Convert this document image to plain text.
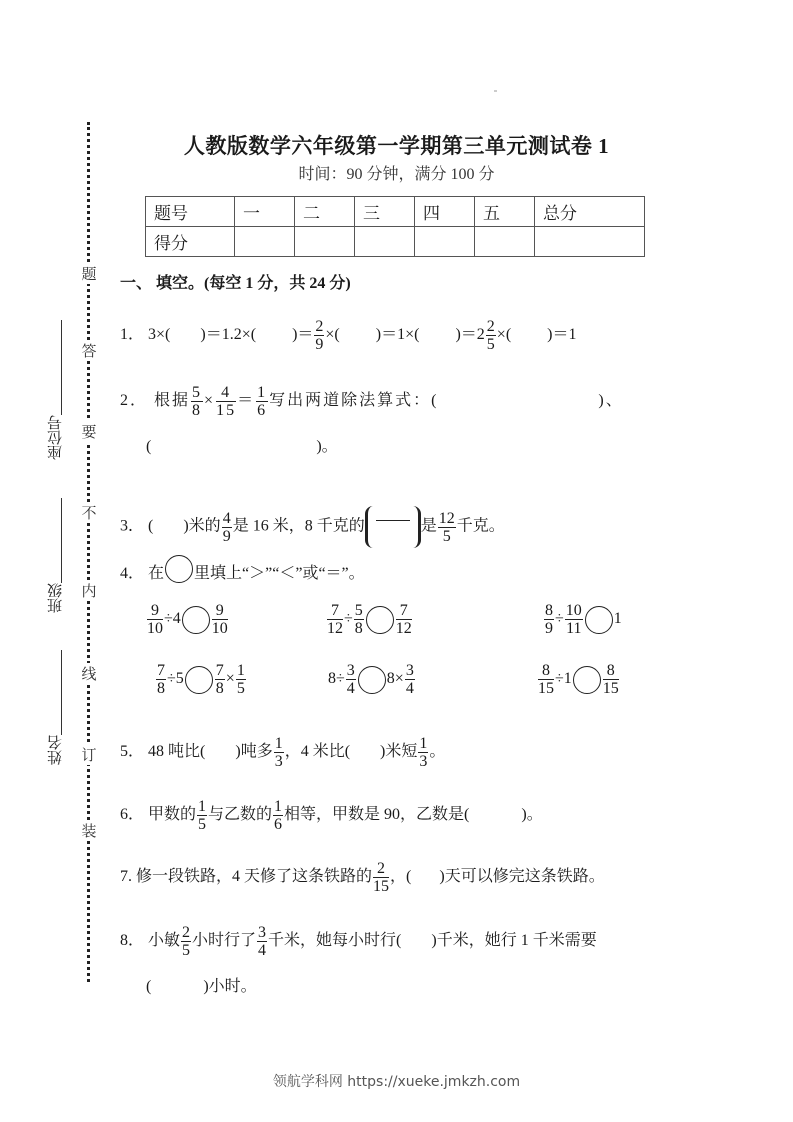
人教版数学六年级第一学期第三单元测试卷 1
时间：90 分钟，满分 100 分
题号	一	二	三	四	五	总分
得分						
题
答
要
不
内
线
订
装
座位号
班级
姓名
一、 填空。(每空 1 分，共 24 分)
1． 3×( )＝1.2×( )＝ $\frac{2}{9}$ ×( )＝1×( )$=2 \frac{2}{5}$ ×( )＝1
2． 根据 $\frac{5}{8} \times \frac{4}{15} = \frac{1}{6}$ 写出两道除法算式：(	)、
(	)。
3． ( )米的 $\frac{4}{9}$ 是 16 米，8 千克的	是 $\frac{12}{5}$ 千克。
4． 在 里填上“＞”“＜”或“＝”。
$\frac{9}{10} \div 4 \frac{9}{10}$	$\frac{7}{12} \div \frac{5}{8} \frac{7}{12}$	$\frac{8}{9} \div \frac{10}{11} 1$
$\frac{7}{8} \div 5 \frac{7}{8} \times \frac{1}{5}$	$8\div \frac{3}{4} 8\times \frac{3}{4}$	$\frac{8}{15} \div 1 \frac{8}{15}$
5． 48 吨比( )吨多 $\frac{1}{3}$ ，4 米比( )米短 $\frac{1}{3}$ 。
6． 甲数的 $\frac{1}{5}$ 与乙数的 $\frac{1}{6}$ 相等，甲数是 90，乙数是(	)。
7. 修一段铁路，4 天修了这条铁路的 $\frac{2}{15}$ ，( )天可以修完这条铁路。
8． 小敏 $\frac{2}{5}$ 小时行了 $\frac{3}{4}$ 千米，她每小时行( )千米，她行 1 千米需要
(	)小时。
领航学科网 https://xueke.jmkzh.com
